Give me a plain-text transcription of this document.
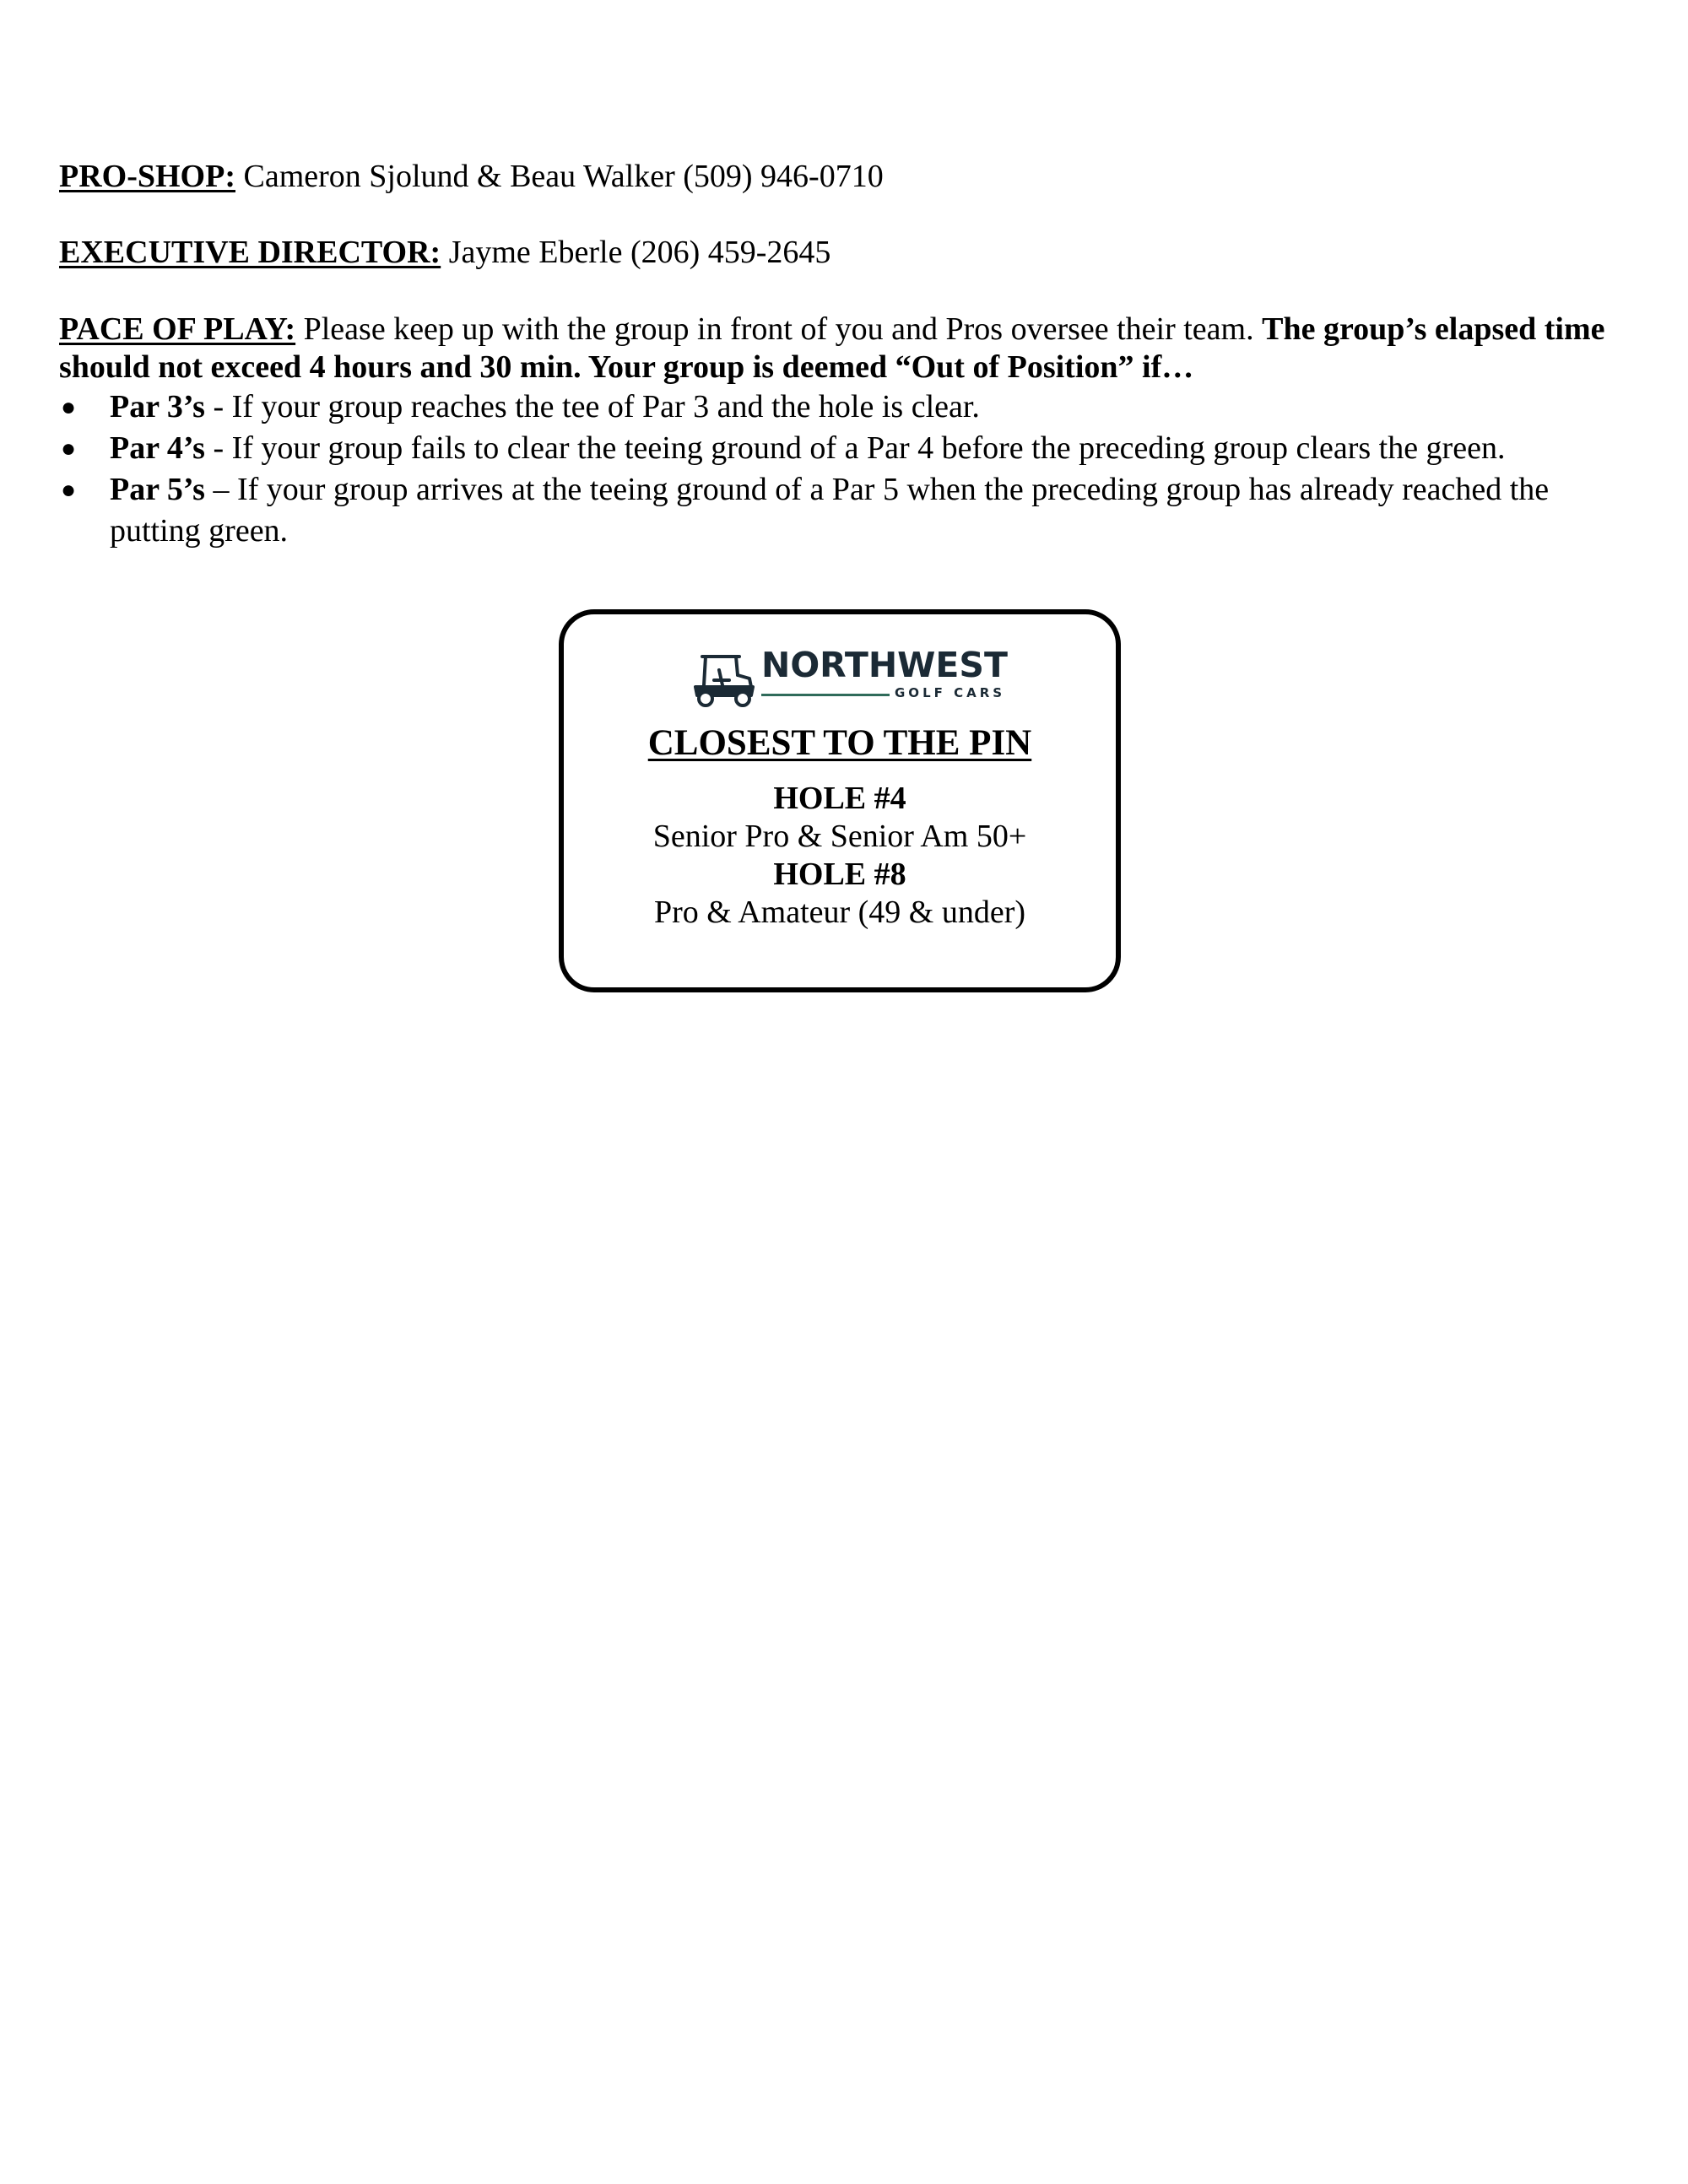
PRO-SHOP: Cameron Sjolund & Beau Walker (509) 946-0710
EXECUTIVE DIRECTOR: Jayme Eberle (206) 459-2645
PACE OF PLAY: Please keep up with the group in front of you and Pros oversee their team. The group’s elapsed time should not exceed 4 hours and 30 min. Your group is deemed “Out of Position” if…
● Par 3’s - If your group reaches the tee of Par 3 and the hole is clear.
● Par 4’s - If your group fails to clear the teeing ground of a Par 4 before the preceding group clears the green.
● Par 5’s – If your group arrives at the teeing ground of a Par 5 when the preceding group has already reached the putting green.
NORTHWEST
GOLF CARS
CLOSEST TO THE PIN
HOLE #4
Senior Pro & Senior Am 50+
HOLE #8
Pro & Amateur (49 & under)
